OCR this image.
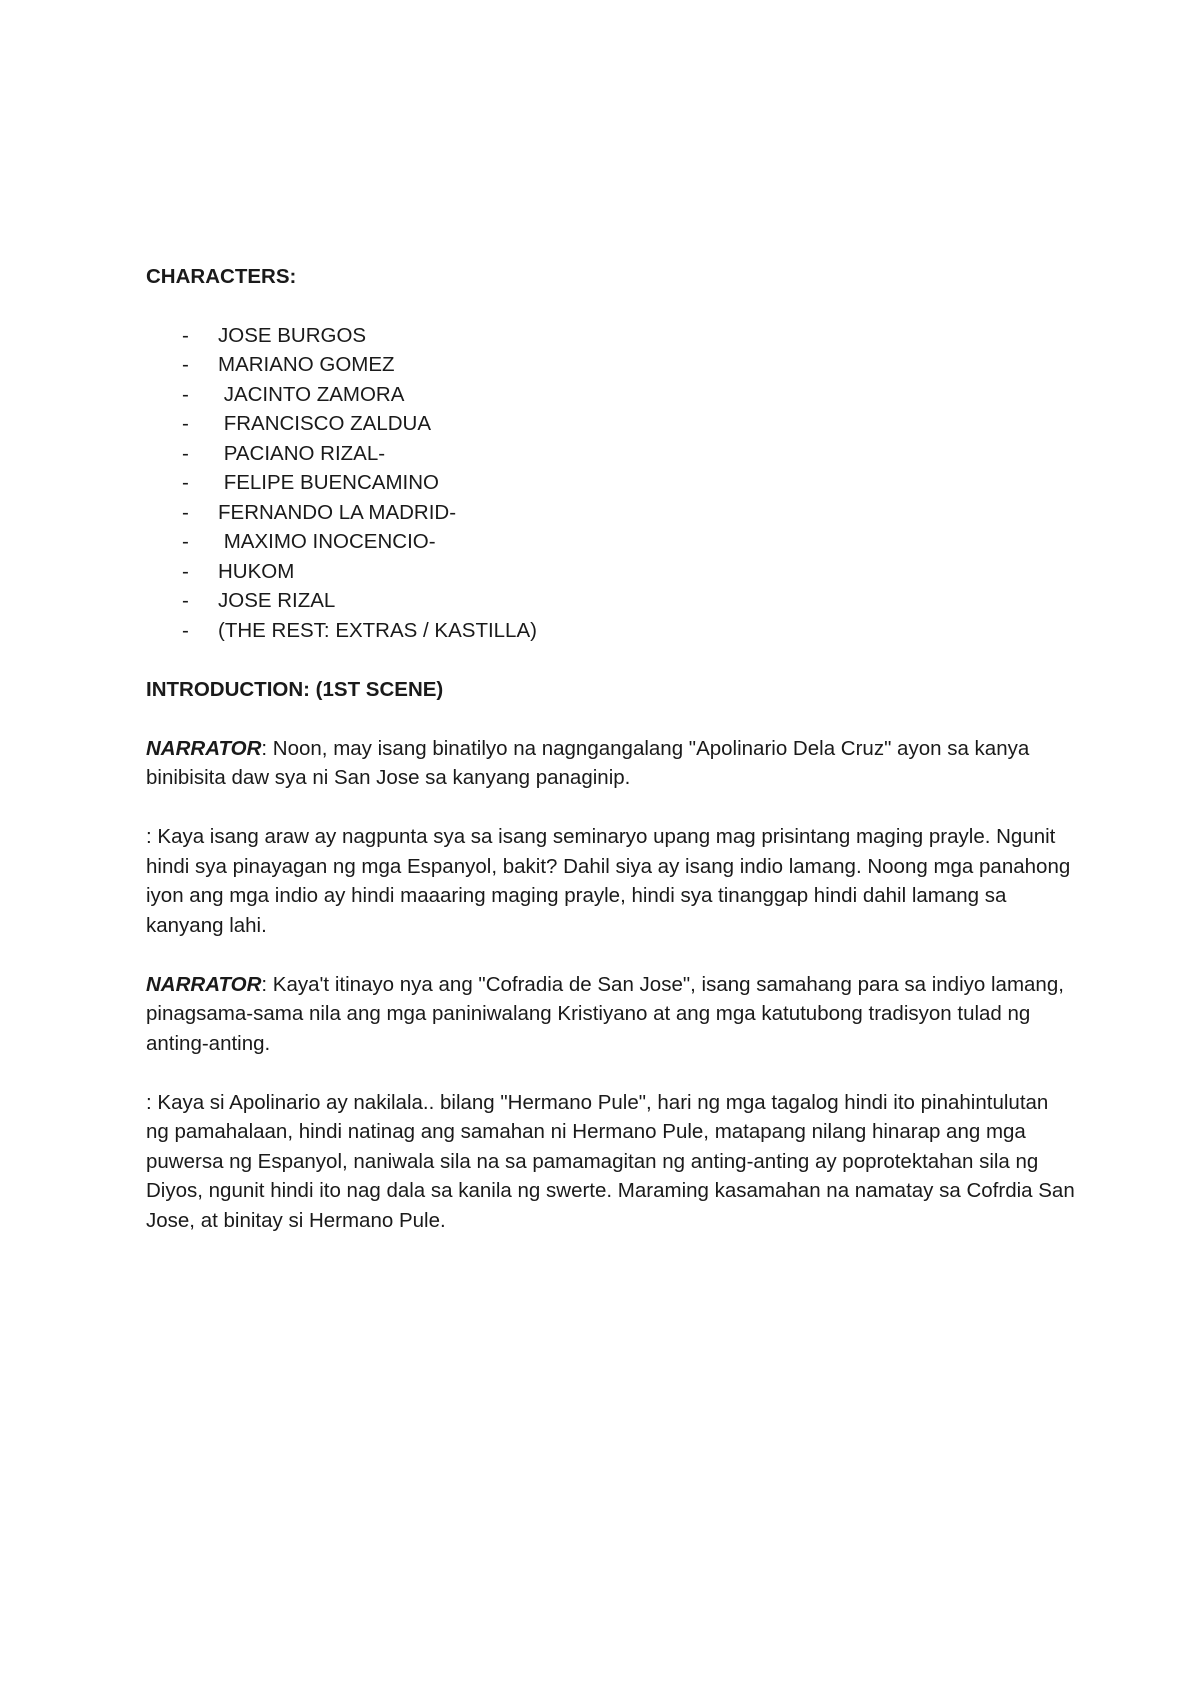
CHARACTERS:

-	JOSE BURGOS
-	MARIANO GOMEZ
-	JACINTO ZAMORA
-	FRANCISCO ZALDUA
-	PACIANO RIZAL-
-	FELIPE BUENCAMINO
-	FERNANDO LA MADRID-
-	MAXIMO INOCENCIO-
-	HUKOM
-	JOSE RIZAL
-	(THE REST: EXTRAS / KASTILLA)

INTRODUCTION: (1ST SCENE)

NARRATOR: Noon, may isang binatilyo na nagngangalang "Apolinario Dela Cruz" ayon sa kanya binibisita daw sya ni San Jose sa kanyang panaginip.

: Kaya isang araw ay nagpunta sya sa isang seminaryo upang mag prisintang maging prayle. Ngunit hindi sya pinayagan ng mga Espanyol, bakit? Dahil siya ay isang indio lamang. Noong mga panahong iyon ang mga indio ay hindi maaaring maging prayle, hindi sya tinanggap hindi dahil lamang sa kanyang lahi.

NARRATOR: Kaya't itinayo nya ang "Cofradia de San Jose", isang samahang para sa indiyo lamang, pinagsama-sama nila ang mga paniniwalang Kristiyano at ang mga katutubong tradisyon tulad ng anting-anting.

: Kaya si Apolinario ay nakilala.. bilang "Hermano Pule", hari ng mga tagalog hindi ito pinahintulutan ng pamahalaan, hindi natinag ang samahan ni Hermano Pule, matapang nilang hinarap ang mga puwersa ng Espanyol, naniwala sila na sa pamamagitan ng anting-anting ay poprotektahan sila ng Diyos, ngunit hindi ito nag dala sa kanila ng swerte. Maraming kasamahan na namatay sa Cofrdia San Jose, at binitay si Hermano Pule.
